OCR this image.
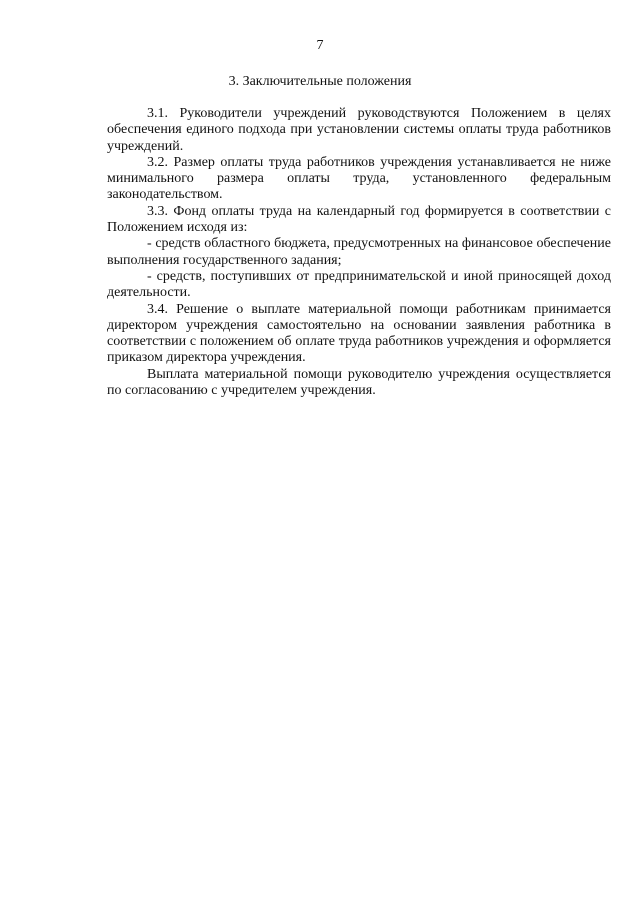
7
3. Заключительные положения

3.1. Руководители учреждений руководствуются Положением в целях обеспечения единого подхода при установлении системы оплаты труда работников учреждений.

3.2. Размер оплаты труда работников учреждения устанавливается не ниже минимального размера оплаты труда, установленного федеральным законодательством.

3.3. Фонд оплаты труда на календарный год формируется в соответствии с Положением исходя из:

- средств областного бюджета, предусмотренных на финансовое обеспечение выполнения государственного задания;

- средств, поступивших от предпринимательской и иной приносящей доход деятельности.

3.4. Решение о выплате материальной помощи работникам принимается директором учреждения самостоятельно на основании заявления работника в соответствии с положением об оплате труда работников учреждения и оформляется приказом директора учреждения.

Выплата материальной помощи руководителю учреждения осуществляется по согласованию с учредителем учреждения.
